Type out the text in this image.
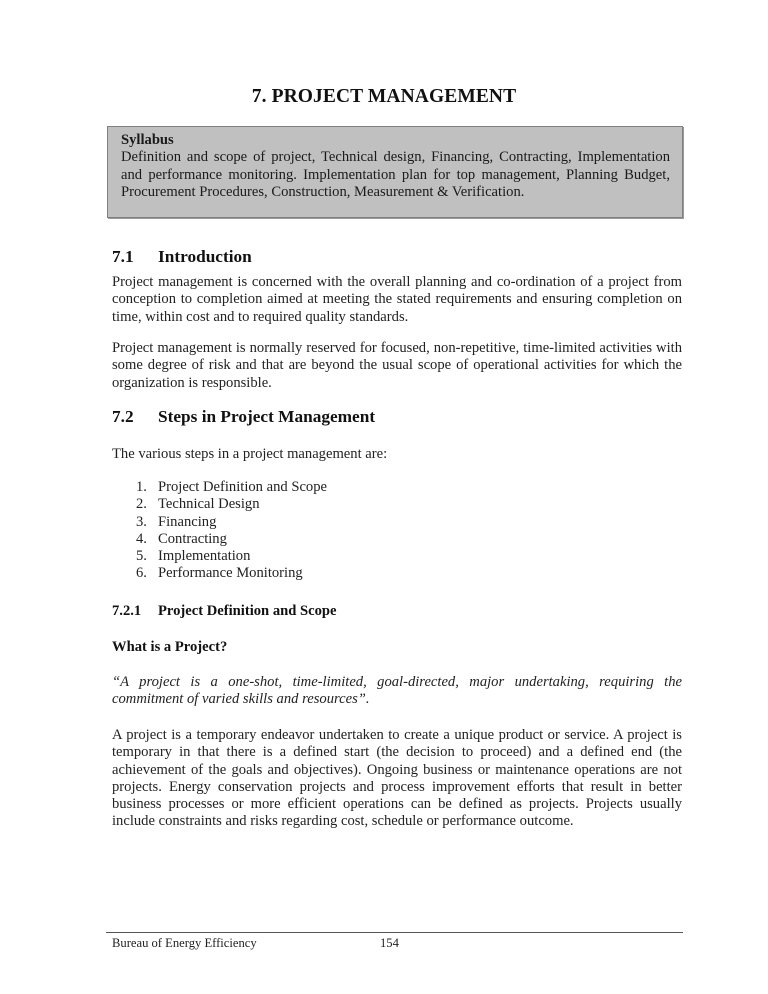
7. PROJECT MANAGEMENT
Syllabus
Definition and scope of project, Technical design, Financing, Contracting, Implementation and performance monitoring. Implementation plan for top management, Planning Budget, Procurement Procedures, Construction, Measurement & Verification.
7.1 Introduction
Project management is concerned with the overall planning and co-ordination of a project from conception to completion aimed at meeting the stated requirements and ensuring completion on time, within cost and to required quality standards.
Project management is normally reserved for focused, non-repetitive, time-limited activities with some degree of risk and that are beyond the usual scope of operational activities for which the organization is responsible.
7.2 Steps in Project Management
The various steps in a project management are:
1. Project Definition and Scope
2. Technical Design
3. Financing
4. Contracting
5. Implementation
6. Performance Monitoring
7.2.1 Project Definition and Scope
What is a Project?
“A project is a one-shot, time-limited, goal-directed, major undertaking, requiring the commitment of varied skills and resources”.
A project is a temporary endeavor undertaken to create a unique product or service. A project is temporary in that there is a defined start (the decision to proceed) and a defined end (the achievement of the goals and objectives). Ongoing business or maintenance operations are not projects. Energy conservation projects and process improvement efforts that result in better business processes or more efficient operations can be defined as projects. Projects usually include constraints and risks regarding cost, schedule or performance outcome.
Bureau of Energy Efficiency	154
